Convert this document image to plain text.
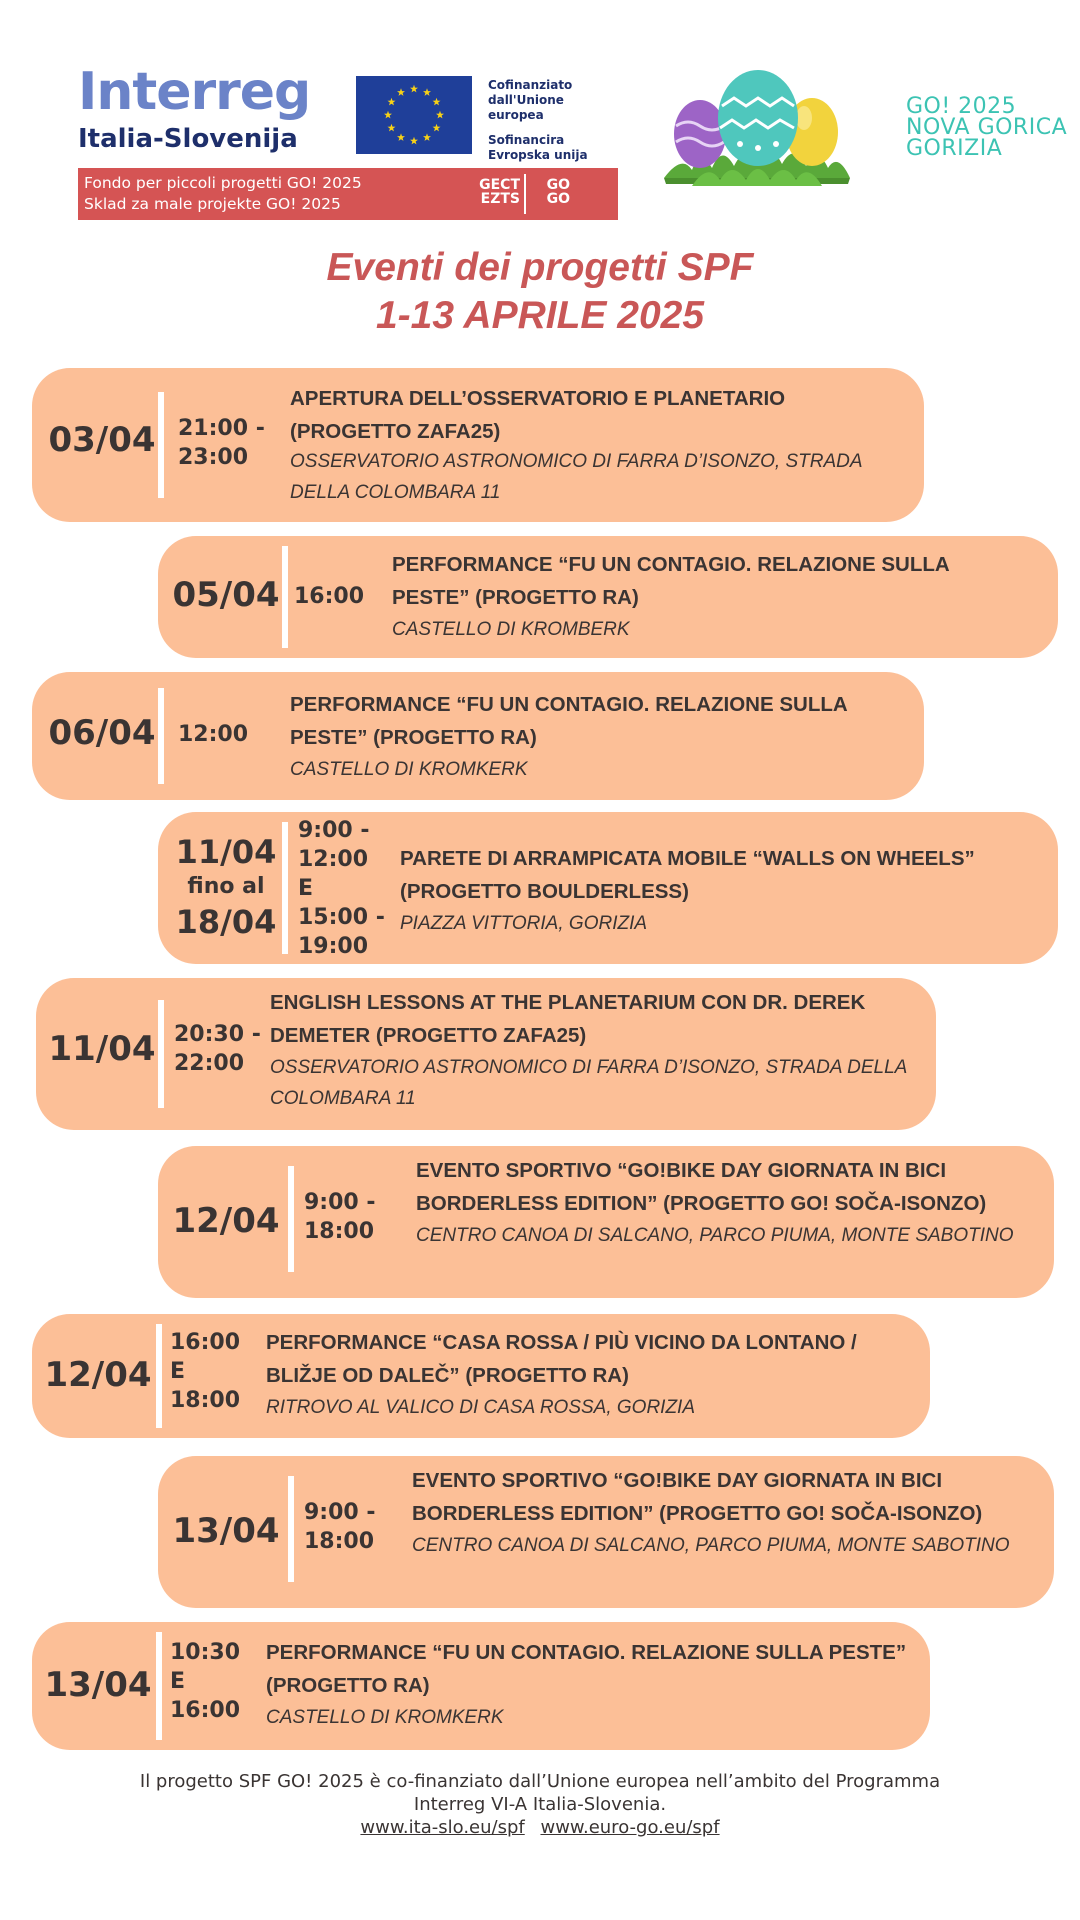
Interreg
Italia-Slovenija

Cofinanziato

dall'Unione europea

Sofinancira

Evropska unija

Fondo per piccoli progetti GO! 2025
Sklad za male projekte GO! 2025
GECT
EZTS
GO
GO
GO! 2025
NOVA GORICA
GORIZIA
Eventi dei progetti SPF
1-13 APRILE 2025
03/04 21:00 -
23:00
APERTURA DELL’OSSERVATORIO E PLANETARIO (PROGETTO ZAFA25)
OSSERVATORIO ASTRONOMICO DI FARRA D’ISONZO, STRADA DELLA COLOMBARA 11
05/04 16:00
PERFORMANCE “FU UN CONTAGIO. RELAZIONE SULLA PESTE” (PROGETTO RA)
CASTELLO DI KROMBERK
06/04 12:00
PERFORMANCE “FU UN CONTAGIO. RELAZIONE SULLA PESTE” (PROGETTO RA)
CASTELLO DI KROMKERK
11/04
fino al
18/04
9:00 -
12:00
E
15:00 -
19:00
PARETE DI ARRAMPICATA MOBILE “WALLS ON WHEELS” (PROGETTO BOULDERLESS)
PIAZZA VITTORIA, GORIZIA
11/04 20:30 -
22:00
ENGLISH LESSONS AT THE PLANETARIUM CON DR. DEREK DEMETER (PROGETTO ZAFA25)
OSSERVATORIO ASTRONOMICO DI FARRA D’ISONZO, STRADA DELLA COLOMBARA 11
12/04 9:00 -
18:00
EVENTO SPORTIVO “GO!BIKE DAY GIORNATA IN BICI BORDERLESS EDITION” (PROGETTO GO! SOČA-ISONZO)
CENTRO CANOA DI SALCANO, PARCO PIUMA, MONTE SABOTINO
12/04
16:00
E
18:00
PERFORMANCE “CASA ROSSA / PIÙ VICINO DA LONTANO / BLIŽJE OD DALEČ” (PROGETTO RA)
RITROVO AL VALICO DI CASA ROSSA, GORIZIA
13/04 9:00 -
18:00
EVENTO SPORTIVO “GO!BIKE DAY GIORNATA IN BICI BORDERLESS EDITION” (PROGETTO GO! SOČA-ISONZO)
CENTRO CANOA DI SALCANO, PARCO PIUMA, MONTE SABOTINO
13/04
10:30
E
16:00
PERFORMANCE “FU UN CONTAGIO. RELAZIONE SULLA PESTE” (PROGETTO RA)
CASTELLO DI KROMKERK
Il progetto SPF GO! 2025 è co-finanziato dall’Unione europea nell’ambito del Programma
Interreg VI-A Italia-Slovenia.
www.ita-slo.eu/spf www.euro-go.eu/spf
